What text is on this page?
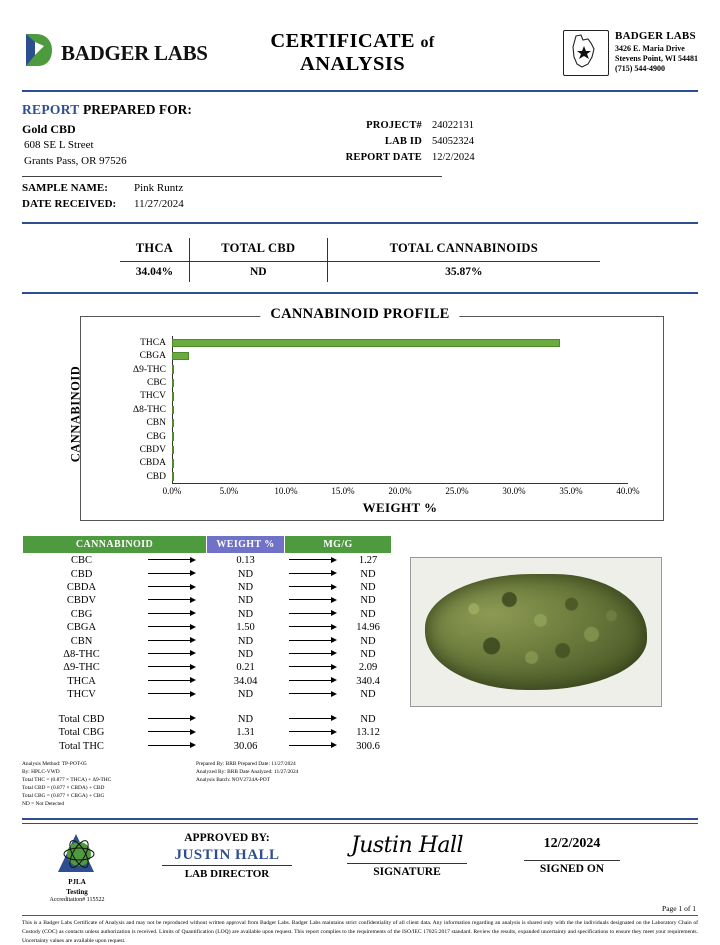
BADGER LABS	CERTIFICATE of ANALYSIS
BADGER LABS
3426 E. Maria Drive
Stevens Point, WI 54481
(715) 544-4900
REPORT PREPARED FOR:
Gold CBD
608 SE L Street
Grants Pass, OR 97526
PROJECT# 24022131
LAB ID 54052324
REPORT DATE 12/2/2024
SAMPLE NAME:	Pink Runtz
DATE RECEIVED:	11/27/2024
THCA	TOTAL CBD	TOTAL CANNABINOIDS
34.04%	ND	35.87%
CANNABINOID PROFILE
CANNABINOID
THCA
CBGA
Δ9-THC
CBC
THCV
Δ8-THC
CBN
CBG
CBDV
CBDA
CBD
0.0%	5.0%	10.0%	15.0%	20.0%	25.0%	30.0%	35.0%	40.0%
WEIGHT %
CANNABINOID		WEIGHT %	MG/G	
CBC		0.13		1.27
CBD		ND		ND
CBDA		ND		ND
CBDV		ND		ND
CBG		ND		ND
CBGA		1.50		14.96
CBN		ND		ND
Δ8-THC		ND		ND
Δ9-THC		0.21		2.09
THCA		34.04		340.4
THCV		ND		ND

Total CBD		ND		ND
Total CBG		1.31		13.12
Total THC		30.06		300.6
Analysis Method: TP-POT-05
By: HPLC-VWD
Total THC = (0.877 × THCA) + Δ9-THC
Total CBD = (0.877 × CBDA) + CBD
Total CBG = (0.877 × CBGA) + CBG
ND = Not Detected
Prepared By: BRB Prepared Date: 11/27/2024
Analyzed By: BRB Date Analyzed: 11/27/2024
Analysis Batch: NOV2724A-POT
PJLA
Testing
Accreditation# 115522
APPROVED BY:
JUSTIN HALL
LAB DIRECTOR
Justin Hall
SIGNATURE
12/2/2024
SIGNED ON
Page 1 of 1
This is a Badger Labs Certificate of Analysis and may not be reproduced without written approval from Badger Labs. Badger Labs maintains strict confidentiality of all client data. Any information regarding an analysis is shared only with the the individuals designated on the Laboratory Chain of Custody (COC) as contacts unless authorization is received. Limits of Quantification (LOQ) are available upon request. This report complies to the requirements of the ISO/IEC 17025:2017 standard. Review the results, expanded uncertainty and specifications to ensure they meet your requirements. Uncertainty values are available upon request.
